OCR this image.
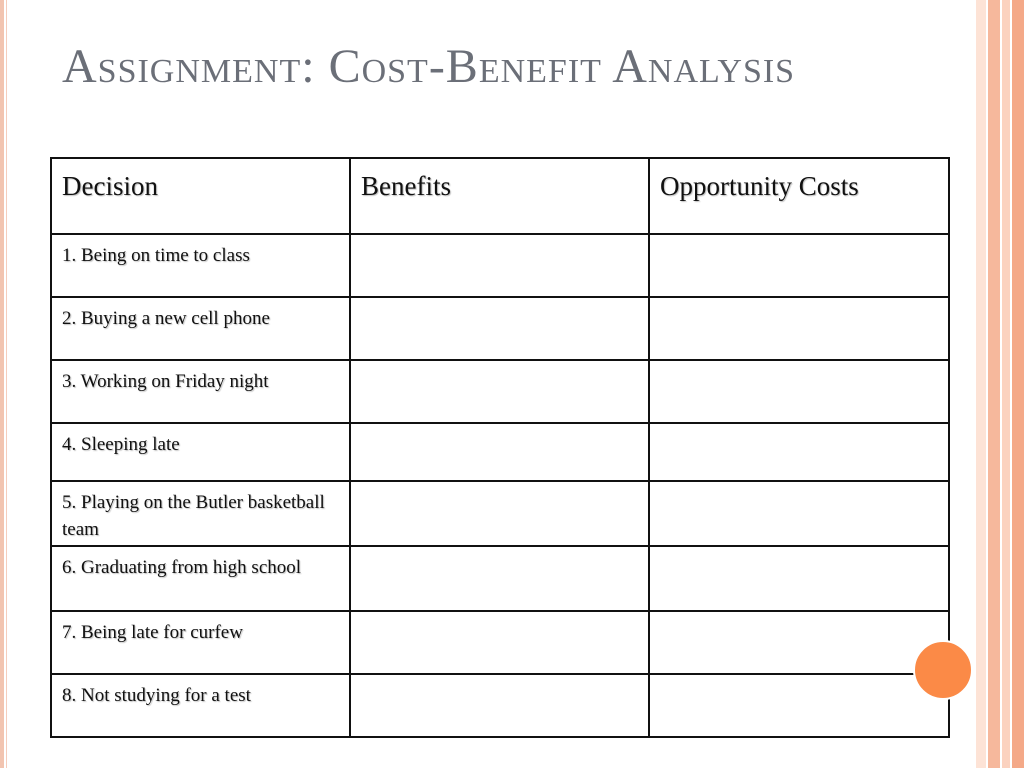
Assignment: Cost-Benefit Analysis
Decision	Benefits	Opportunity Costs
1. Being on time to class		
2. Buying a new cell phone		
3. Working on Friday night		
4. Sleeping late		
5. Playing on the Butler basketball team		
6. Graduating from high school		
7. Being late for curfew		
8. Not studying for a test		
